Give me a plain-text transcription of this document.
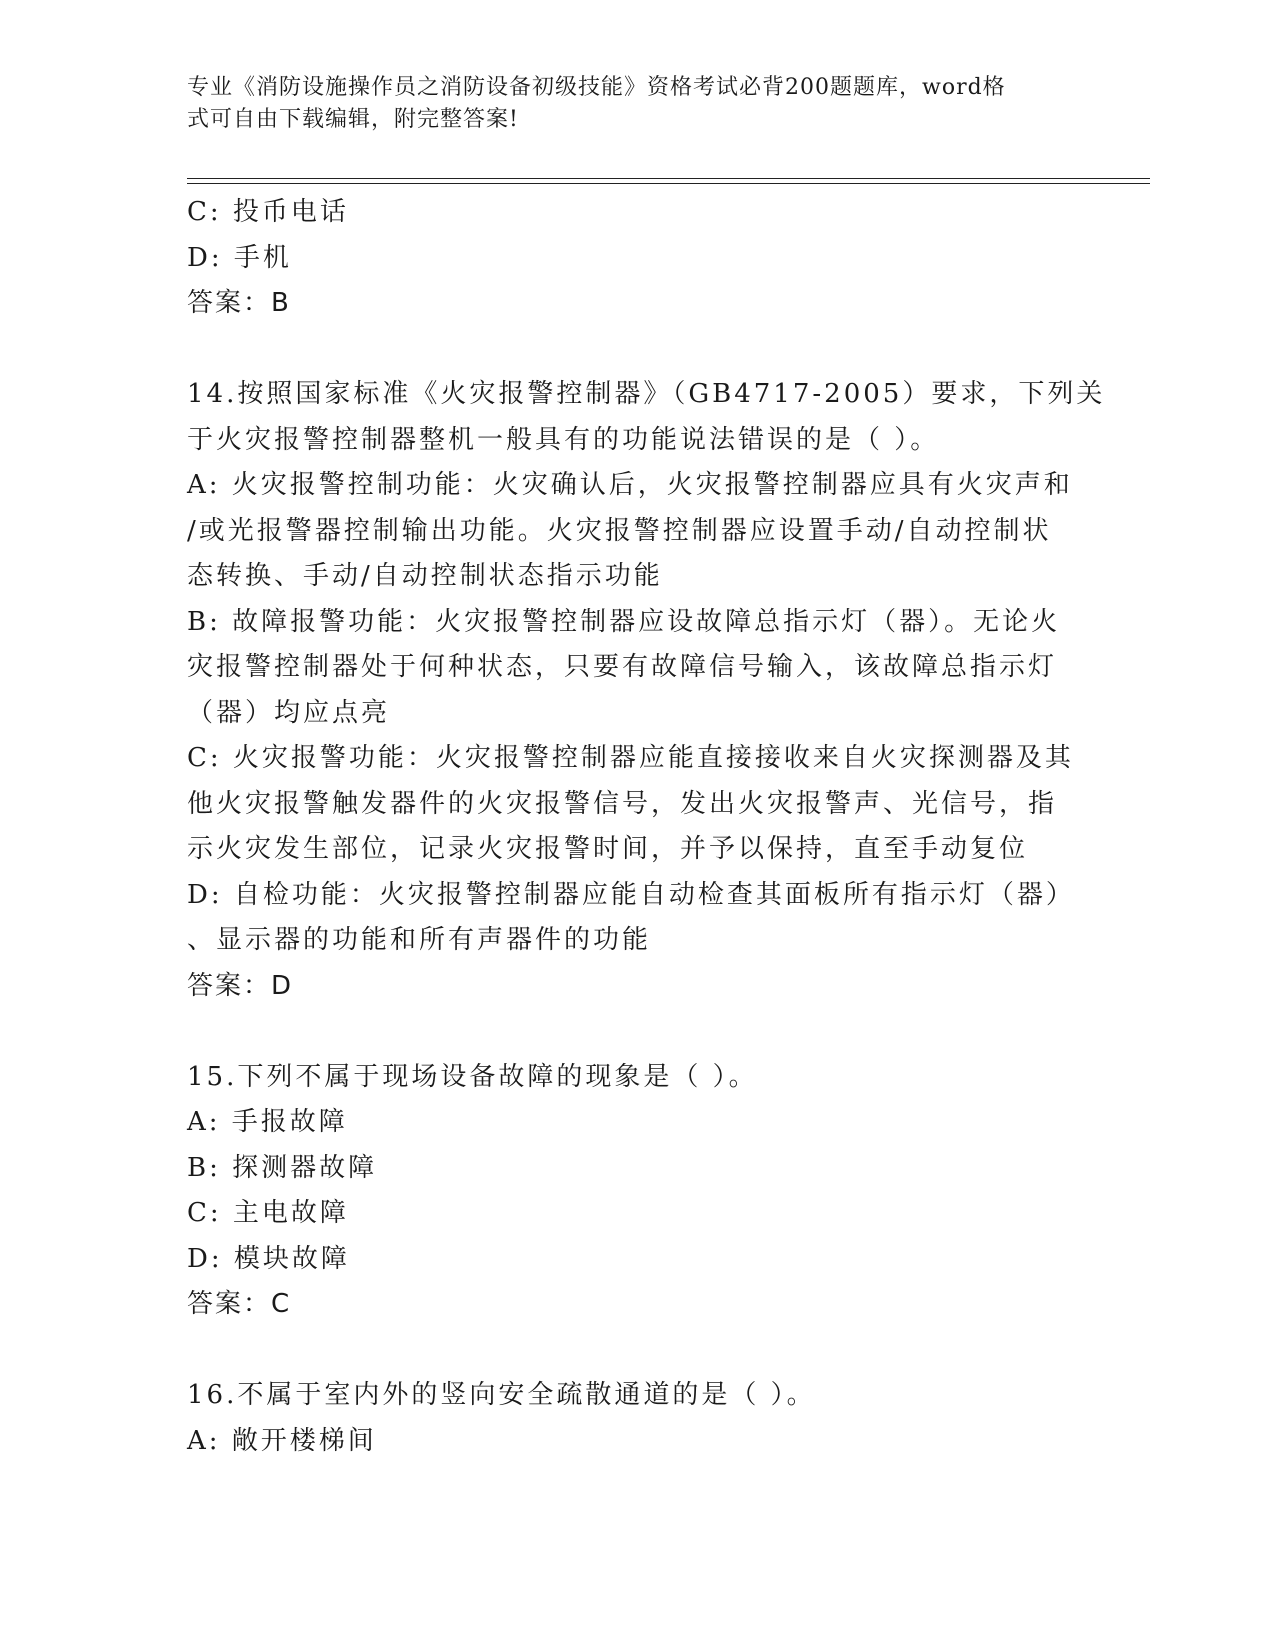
专业《消防设施操作员之消防设备初级技能》资格考试必背200题题库，word格
式可自由下载编辑，附完整答案!

C: 投币电话

D: 手机

答案：B

14.按照国家标准《火灾报警控制器》（GB4717-2005）要求，下列关

于火灾报警控制器整机一般具有的功能说法错误的是（ ）。

A: 火灾报警控制功能：火灾确认后，火灾报警控制器应具有火灾声和

/或光报警器控制输出功能。火灾报警控制器应设置手动/自动控制状

态转换、手动/自动控制状态指示功能

B: 故障报警功能：火灾报警控制器应设故障总指示灯（器）。无论火

灾报警控制器处于何种状态，只要有故障信号输入，该故障总指示灯

（器）均应点亮

C: 火灾报警功能：火灾报警控制器应能直接接收来自火灾探测器及其

他火灾报警触发器件的火灾报警信号，发出火灾报警声、光信号，指

示火灾发生部位，记录火灾报警时间，并予以保持，直至手动复位

D: 自检功能：火灾报警控制器应能自动检查其面板所有指示灯（器）

、显示器的功能和所有声器件的功能

答案：D

15.下列不属于现场设备故障的现象是（ ）。

A: 手报故障

B: 探测器故障

C: 主电故障

D: 模块故障

答案：C

16.不属于室内外的竖向安全疏散通道的是（ ）。

A: 敞开楼梯间
